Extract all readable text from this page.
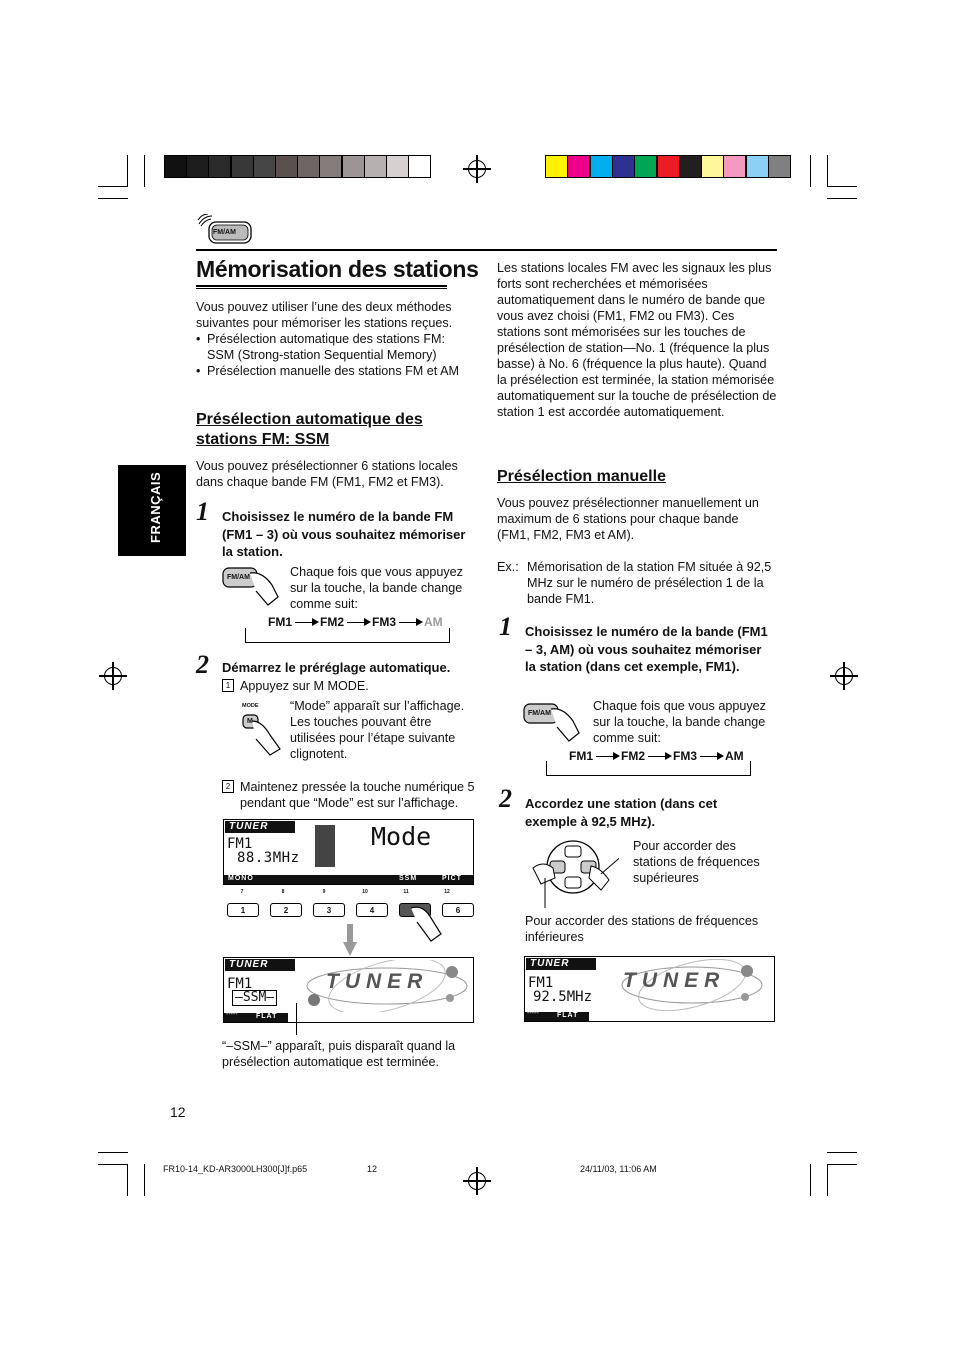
FM/AM
FRANÇAIS
Mémorisation des stations
Vous pouvez utiliser l’une des deux méthodes suivantes pour mémoriser les stations reçues.
• Présélection automatique des stations FM: SSM (Strong-station Sequential Memory)
• Présélection manuelle des stations FM et AM
Présélection automatique des stations FM: SSM
Vous pouvez présélectionner 6 stations locales dans chaque bande FM (FM1, FM2 et FM3).
1 Choisissez le numéro de la bande FM (FM1 – 3) où vous souhaitez mémoriser la station.
FM/AM	Chaque fois que vous appuyez sur la touche, la bande change comme suit:
FM1 FM2 FM3 AM
2 Démarrez le préréglage automatique.
1 Appuyez sur M MODE.
MODE
M
“Mode” apparaît sur l’affichage. Les touches pouvant être utilisées pour l’étape suivante clignotent.
2 Maintenez pressée la touche numérique 5 pendant que “Mode” est sur l’affichage.
TUNER
FM1
88.3MHz
Mode
MONO	SSM	PICT
7	8	9	10	11	12
1	2	3	4	6
TUNER
FM1
–SSM–
TUNER
-----	FLAT
“–SSM–” apparaît, puis disparaît quand la présélection automatique est terminée.
12
Les stations locales FM avec les signaux les plus forts sont recherchées et mémorisées automatiquement dans le numéro de bande que vous avez choisi (FM1, FM2 ou FM3). Ces stations sont mémorisées sur les touches de présélection de station—No. 1 (fréquence la plus basse) à No. 6 (fréquence la plus haute). Quand la présélection est terminée, la station mémorisée automatiquement sur la touche de présélection de station 1 est accordée automatiquement.
Présélection manuelle
Vous pouvez présélectionner manuellement un maximum de 6 stations pour chaque bande (FM1, FM2, FM3 et AM).
Ex.: Mémorisation de la station FM située à 92,5 MHz sur le numéro de présélection 1 de la bande FM1.
1 Choisissez le numéro de la bande (FM1 – 3, AM) où vous souhaitez mémoriser la station (dans cet exemple, FM1).
FM/AM
Chaque fois que vous appuyez sur la touche, la bande change comme suit:
FM1 FM2 FM3 AM
2 Accordez une station (dans cet exemple à 92,5 MHz).
Pour accorder des stations de fréquences supérieures
Pour accorder des stations de fréquences inférieures
TUNER
FM1
92.5MHz
TUNER
-----	FLAT
FR10-14_KD-AR3000LH300[J]f.p65	12	24/11/03, 11:06 AM
